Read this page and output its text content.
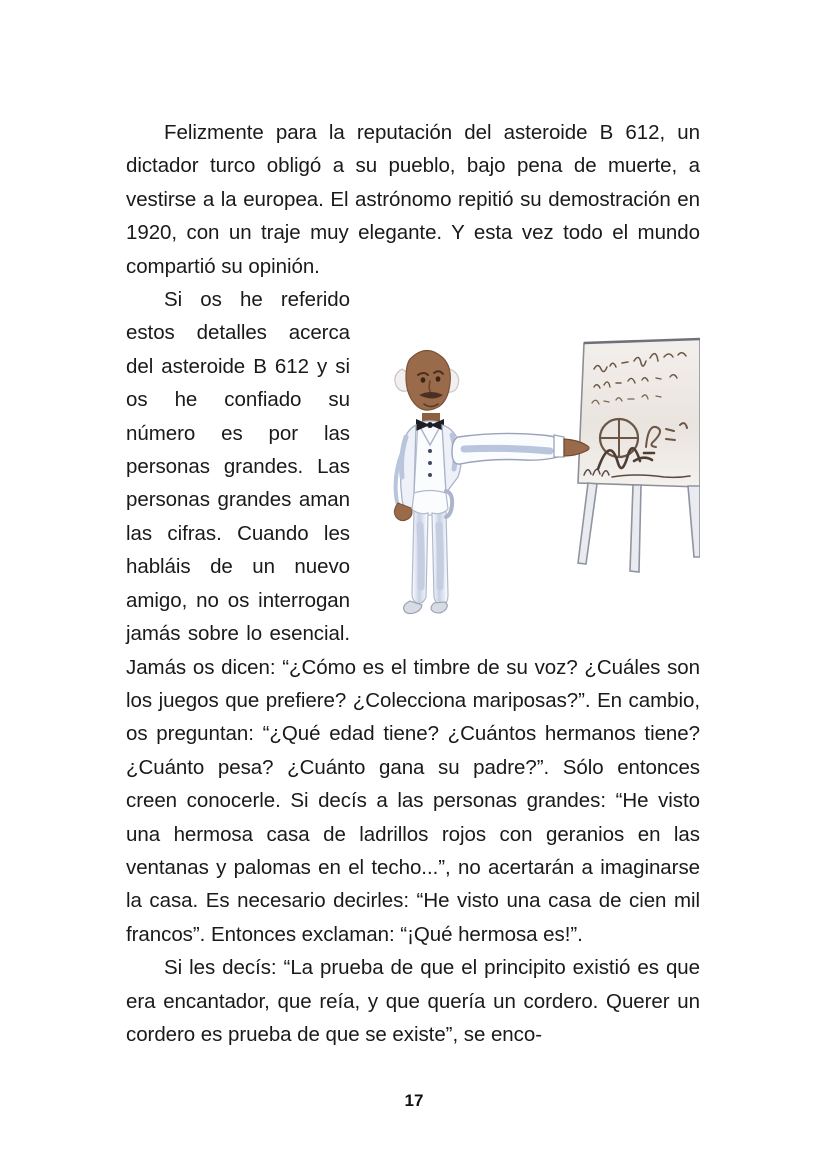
Felizmente para la reputación del asteroide B 612, un dictador turco obligó a su pueblo, bajo pena de muerte, a vestirse a la europea. El astrónomo repitió su demostración en 1920, con un traje muy elegante. Y esta vez todo el mundo compartió su opinión.

Si os he referido estos detalles acerca del asteroide B 612 y si os he confiado su número es por las personas grandes. Las personas grandes aman las cifras. Cuando les habláis de un nuevo amigo, no os interrogan jamás sobre lo esencial. Jamás os dicen: “¿Cómo es el timbre de su voz? ¿Cuáles son los juegos que prefiere? ¿Colecciona mariposas?”. En cambio, os preguntan: “¿Qué edad tiene? ¿Cuántos hermanos tiene? ¿Cuánto pesa? ¿Cuánto gana su padre?”. Sólo entonces creen conocerle. Si decís a las personas grandes: “He visto una hermosa casa de ladrillos rojos con geranios en las ventanas y palomas en el techo...”, no acertarán a imaginarse la casa. Es necesario decirles: “He visto una casa de cien mil francos”. Entonces exclaman: “¡Qué hermosa es!”.

Si les decís: “La prueba de que el principito existió es que era encantador, que reía, y que quería un cordero. Querer un cordero es prueba de que se existe”, se enco-

17
